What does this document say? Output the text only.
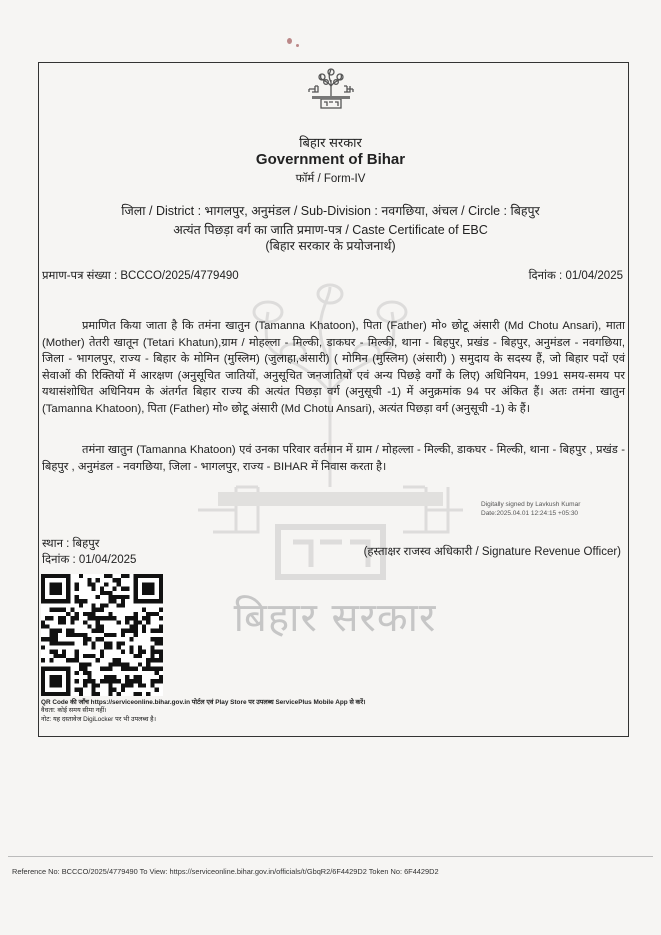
बिहार सरकार
बिहार सरकार
Government of Bihar
फॉर्म / Form-IV
जिला / District : भागलपुर, अनुमंडल / Sub-Division : नवगछिया, अंचल / Circle : बिहपुर
अत्यंत पिछड़ा वर्ग का जाति प्रमाण-पत्र / Caste Certificate of EBC
(बिहार सरकार के प्रयोजनार्थ)
प्रमाण-पत्र संख्या : BCCCO/2025/4779490	दिनांक : 01/04/2025
प्रमाणित किया जाता है कि तमंना खातुन (Tamanna Khatoon), पिता (Father) मो० छोटू अंसारी (Md Chotu Ansari), माता (Mother) तेतरी खातून (Tetari Khatun),ग्राम / मोहल्ला - मिल्की, डाकघर - मिल्की, थाना - बिहपुर, प्रखंड - बिहपुर, अनुमंडल - नवगछिया, जिला - भागलपुर, राज्य - बिहार के मोमिन (मुस्लिम) (जुलाहा,अंसारी) ( मोमिन (मुस्लिम) (अंसारी) ) समुदाय के सदस्य हैं, जो बिहार पदों एवं सेवाओं की रिक्तियों में आरक्षण (अनुसूचित जातियों, अनुसूचित जनजातियों एवं अन्य पिछड़े वर्गों के लिए) अधिनियम, 1991 समय-समय पर यथासंशोधित अधिनियम के अंतर्गत बिहार राज्य की अत्यंत पिछड़ा वर्ग (अनुसूची -1) में अनुक्रमांक 94 पर अंकित हैं। अतः तमंना खातुन (Tamanna Khatoon), पिता (Father) मो० छोटू अंसारी (Md Chotu Ansari), अत्यंत पिछड़ा वर्ग (अनुसूची -1) के हैं।
तमंना खातुन (Tamanna Khatoon) एवं उनका परिवार वर्तमान में ग्राम / मोहल्ला - मिल्की, डाकघर - मिल्की, थाना - बिहपुर , प्रखंड - बिहपुर , अनुमंडल - नवगछिया, जिला - भागलपुर, राज्य - BIHAR में निवास करता है।
Digitally signed by Lavkush Kumar
Date:2025.04.01 12:24:15 +05:30
स्थान : बिहपुर
दिनांक : 01/04/2025
(हस्ताक्षर राजस्व अधिकारी / Signature Revenue Officer)
QR Code की जाँच https://serviceonline.bihar.gov.in पोर्टल एवं Play Store पर उपलब्ध ServicePlus Mobile App से करें।
वैधता: कोई समय सीमा नहीं।
नोट: यह दस्तावेज DigiLocker पर भी उपलब्ध है।
Reference No: BCCCO/2025/4779490 To View: https://serviceonline.bihar.gov.in/officials/t/GbqR2/6F4429D2 Token No: 6F4429D2
